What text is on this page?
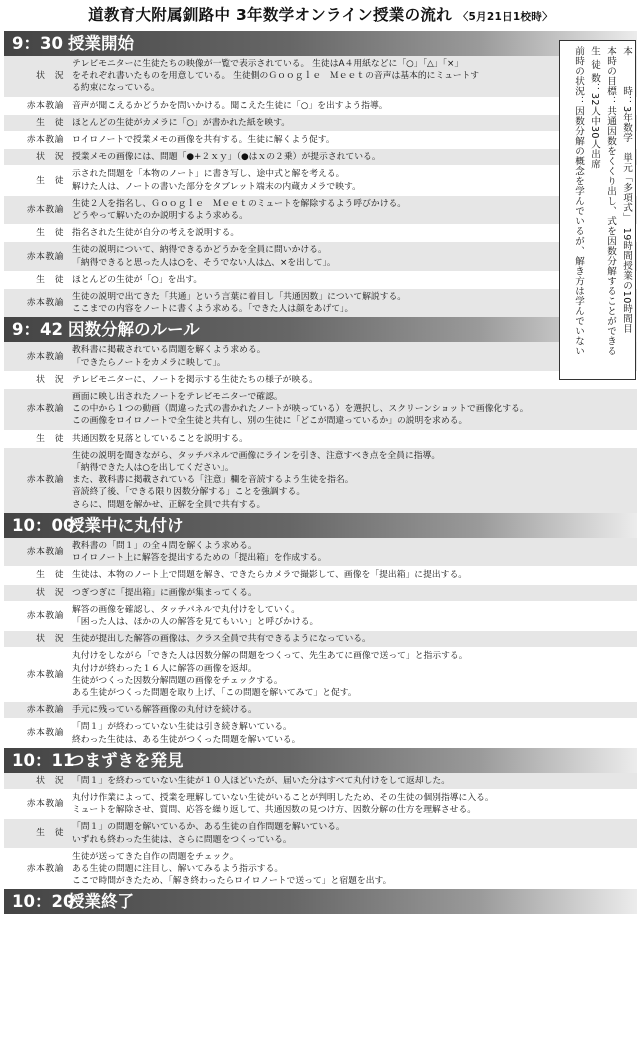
道教育大附属釧路中 3年数学オンライン授業の流れ 〈5月21日1校時〉
9：30 授業開始
状　況
テレビモニターに生徒たちの映像が一覧で表示されている。 生徒はA４用紙などに「○」「△」「×」
をそれぞれ書いたものを用意している。 生徒側のＧｏｏｇｌｅ　Ｍｅｅｔの音声は基本的にミュートす
る約束になっている。
赤本教諭 音声が聞こえるかどうかを問いかける。聞こえた生徒に「○」を出すよう指導。
生　徒 ほとんどの生徒がカメラに「○」が書かれた紙を映す。
赤本教諭 ロイロノートで授業メモの画像を共有する。生徒に解くよう促す。
状　況 授業メモの画像には、問題「●+２ｘｙ」（●はｘの２乗）が提示されている。
生　徒
示された問題を「本物のノート」に書き写し、途中式と解を考える。
解けた人は、ノートの書いた部分をタブレット端末の内蔵カメラで映す。
赤本教諭
生徒２人を指名し、Ｇｏｏｇｌｅ　Ｍｅｅｔのミュートを解除するよう呼びかける。
どうやって解いたのか説明するよう求める。
生　徒 指名された生徒が自分の考えを説明する。
赤本教諭
生徒の説明について、納得できるかどうかを全員に問いかける。
「納得できると思った人は○を、そうでない人は△、×を出して」。
生　徒 ほとんどの生徒が「○」を出す。
赤本教諭
生徒の説明で出てきた「共通」という言葉に着目し「共通因数」について解説する。
ここまでの内容をノートに書くよう求める。「できた人は顔をあげて」。
9：42 因数分解のルール
赤本教諭
教科書に掲載されている問題を解くよう求める。
「できたらノートをカメラに映して」。
状　況 テレビモニターに、ノートを掲示する生徒たちの様子が映る。
赤本教諭
画面に映し出されたノートをテレビモニターで確認。
この中から１つの動画（間違った式の書かれたノートが映っている）を選択し、スクリーンショットで画像化する。
この画像をロイロノートで全生徒と共有し、別の生徒に「どこが間違っているか」の説明を求める。
生　徒 共通因数を見落としていることを説明する。
赤本教諭
生徒の説明を聞きながら、タッチパネルで画像にラインを引き、注意すべき点を全員に指導。
「納得できた人は○を出してください」。
また、教科書に掲載されている「注意」欄を音読するよう生徒を指名。
音読終了後、「できる限り因数分解する」ことを強調する。
さらに、問題を解かせ、正解を全員で共有する。
10：00授業中に丸付け
赤本教諭
教科書の「問１」の全４問を解くよう求める。
ロイロノート上に解答を提出するための「提出箱」を作成する。
生　徒 生徒は、本物のノート上で問題を解き、できたらカメラで撮影して、画像を「提出箱」に提出する。
状　況 つぎつぎに「提出箱」に画像が集まってくる。
赤本教諭
解答の画像を確認し、タッチパネルで丸付けをしていく。
「困った人は、ほかの人の解答を見てもいい」と呼びかける。
状　況 生徒が提出した解答の画像は、クラス全員で共有できるようになっている。
赤本教諭
丸付けをしながら「できた人は因数分解の問題をつくって、先生あてに画像で送って」と指示する。
丸付けが終わった１６人に解答の画像を返却。
生徒がつくった因数分解問題の画像をチェックする。
ある生徒がつくった問題を取り上げ、「この問題を解いてみて」と促す。
赤本教諭 手元に残っている解答画像の丸付けを続ける。
赤本教諭
「問１」が終わっていない生徒は引き続き解いている。
終わった生徒は、ある生徒がつくった問題を解いている。
10：11つまずきを発見
状　況 「問１」を終わっていない生徒が１０人ほどいたが、届いた分はすべて丸付けをして返却した。
赤本教諭
丸付け作業によって、授業を理解していない生徒がいることが判明したため、その生徒の個別指導に入る。
ミュートを解除させ、質問、応答を繰り返して、共通因数の見つけ方、因数分解の仕方を理解させる。
生　徒
「問１」の問題を解いているか、ある生徒の自作問題を解いている。
いずれも終わった生徒は、さらに問題をつくっている。
赤本教諭
生徒が送ってきた自作の問題をチェック。
ある生徒の問題に注目し、解いてみるよう指示する。
ここで時間がきたため、「解き終わったらロイロノートで送って」と宿題を出す。
10：20授業終了
本　　　時：3年数学　単元「多項式」　19時間授業の10時間目
本時の目標：共通因数をくくり出し、式を因数分解することができる
生 徒 数：32人中30人出席
前時の状況：因数分解の概念を学んでいるが、解き方は学んでいない
